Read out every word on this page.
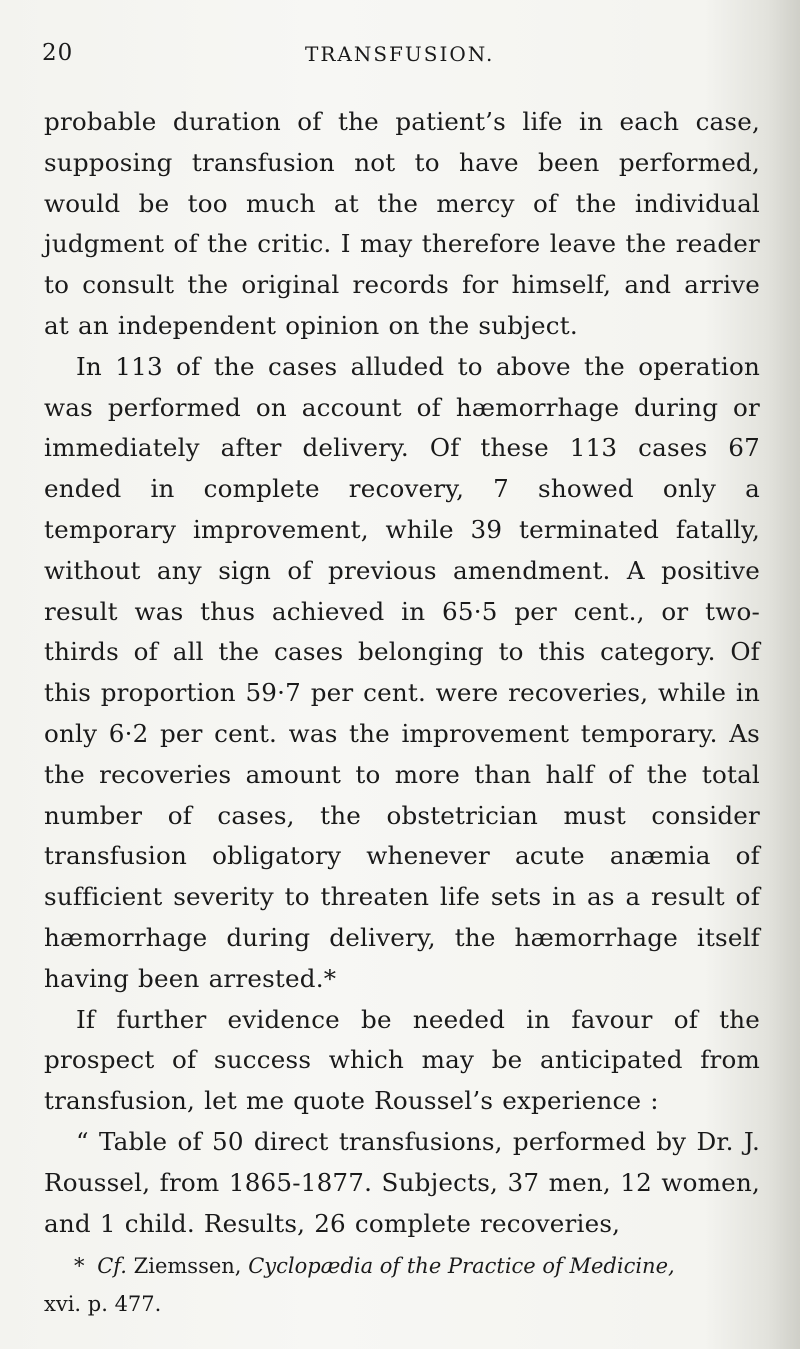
20	TRANSFUSION.

probable duration of the patient’s life in each case, supposing transfusion not to have been performed, would be too much at the mercy of the individual judgment of the critic. I may therefore leave the reader to consult the original records for himself, and arrive at an independent opinion on the subject.

In 113 of the cases alluded to above the operation was performed on account of hæmorrhage during or immediately after delivery. Of these 113 cases 67 ended in complete recovery, 7 showed only a temporary improvement, while 39 terminated fatally, without any sign of previous amendment. A positive result was thus achieved in 65·5 per cent., or two-thirds of all the cases belonging to this category. Of this proportion 59·7 per cent. were recoveries, while in only 6·2 per cent. was the improvement temporary. As the recoveries amount to more than half of the total number of cases, the obstetrician must consider transfusion obligatory whenever acute anæmia of sufficient severity to threaten life sets in as a result of hæmorrhage during delivery, the hæmorrhage itself having been arrested.*

If further evidence be needed in favour of the prospect of success which may be anticipated from transfusion, let me quote Roussel’s experience :

“ Table of 50 direct transfusions, performed by Dr. J. Roussel, from 1865-1877. Subjects, 37 men, 12 women, and 1 child. Results, 26 complete recoveries,

* Cf. Ziemssen, Cyclopædia of the Practice of Medicine,
xvi. p. 477.
